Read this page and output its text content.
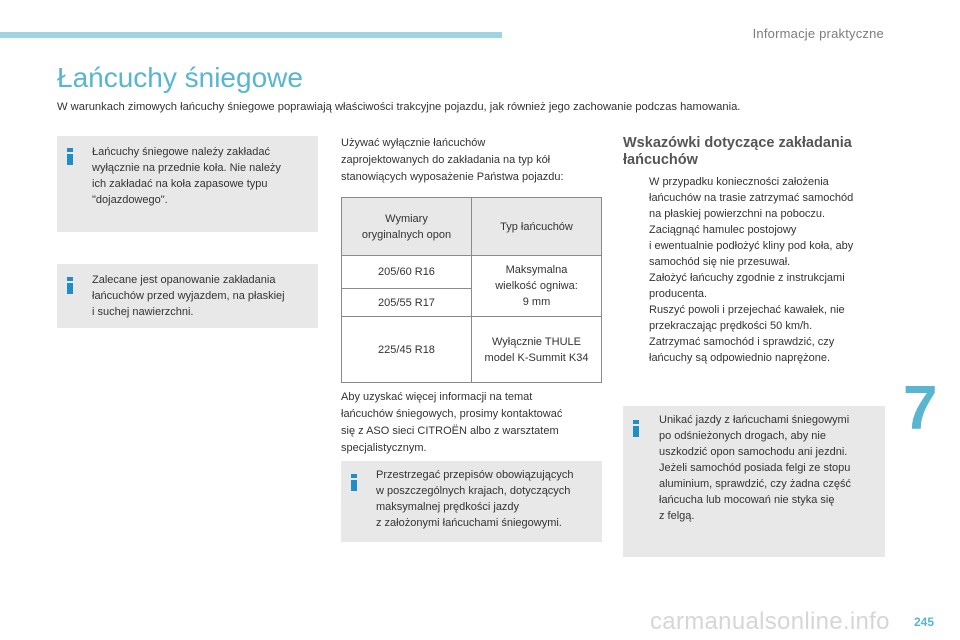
Informacje praktyczne
Łańcuchy śniegowe
W warunkach zimowych łańcuchy śniegowe poprawiają właściwości trakcyjne pojazdu, jak również jego zachowanie podczas hamowania.
Łańcuchy śniegowe należy zakładać
wyłącznie na przednie koła. Nie należy
ich zakładać na koła zapasowe typu
"dojazdowego".
Zalecane jest opanowanie zakładania
łańcuchów przed wyjazdem, na płaskiej
i suchej nawierzchni.
Używać wyłącznie łańcuchów
zaprojektowanych do zakładania na typ kół
stanowiących wyposażenie Państwa pojazdu:
Wymiary
oryginalnych opon	Typ łańcuchów
205/60 R16	Maksymalna
wielkość ogniwa:
9 mm

205/55 R17	
225/45 R18	Wyłącznie THULE
model K-Summit K34
Aby uzyskać więcej informacji na temat
łańcuchów śniegowych, prosimy kontaktować
się z ASO sieci CITROËN albo z warsztatem
specjalistycznym.
Przestrzegać przepisów obowiązujących
w poszczególnych krajach, dotyczących
maksymalnej prędkości jazdy
z założonymi łańcuchami śniegowymi.
Wskazówki dotyczące zakładania
łańcuchów
W przypadku konieczności założenia
łańcuchów na trasie zatrzymać samochód
na płaskiej powierzchni na poboczu.
Zaciągnąć hamulec postojowy
i ewentualnie podłożyć kliny pod koła, aby
samochód się nie przesuwał.
Założyć łańcuchy zgodnie z instrukcjami
producenta.
Ruszyć powoli i przejechać kawałek, nie
przekraczając prędkości 50 km/h.
Zatrzymać samochód i sprawdzić, czy
łańcuchy są odpowiednio naprężone.
Unikać jazdy z łańcuchami śniegowymi
po odśnieżonych drogach, aby nie
uszkodzić opon samochodu ani jezdni.
Jeżeli samochód posiada felgi ze stopu
aluminium, sprawdzić, czy żadna część
łańcucha lub mocowań nie styka się
z felgą.
7
carmanualsonline.info 245
